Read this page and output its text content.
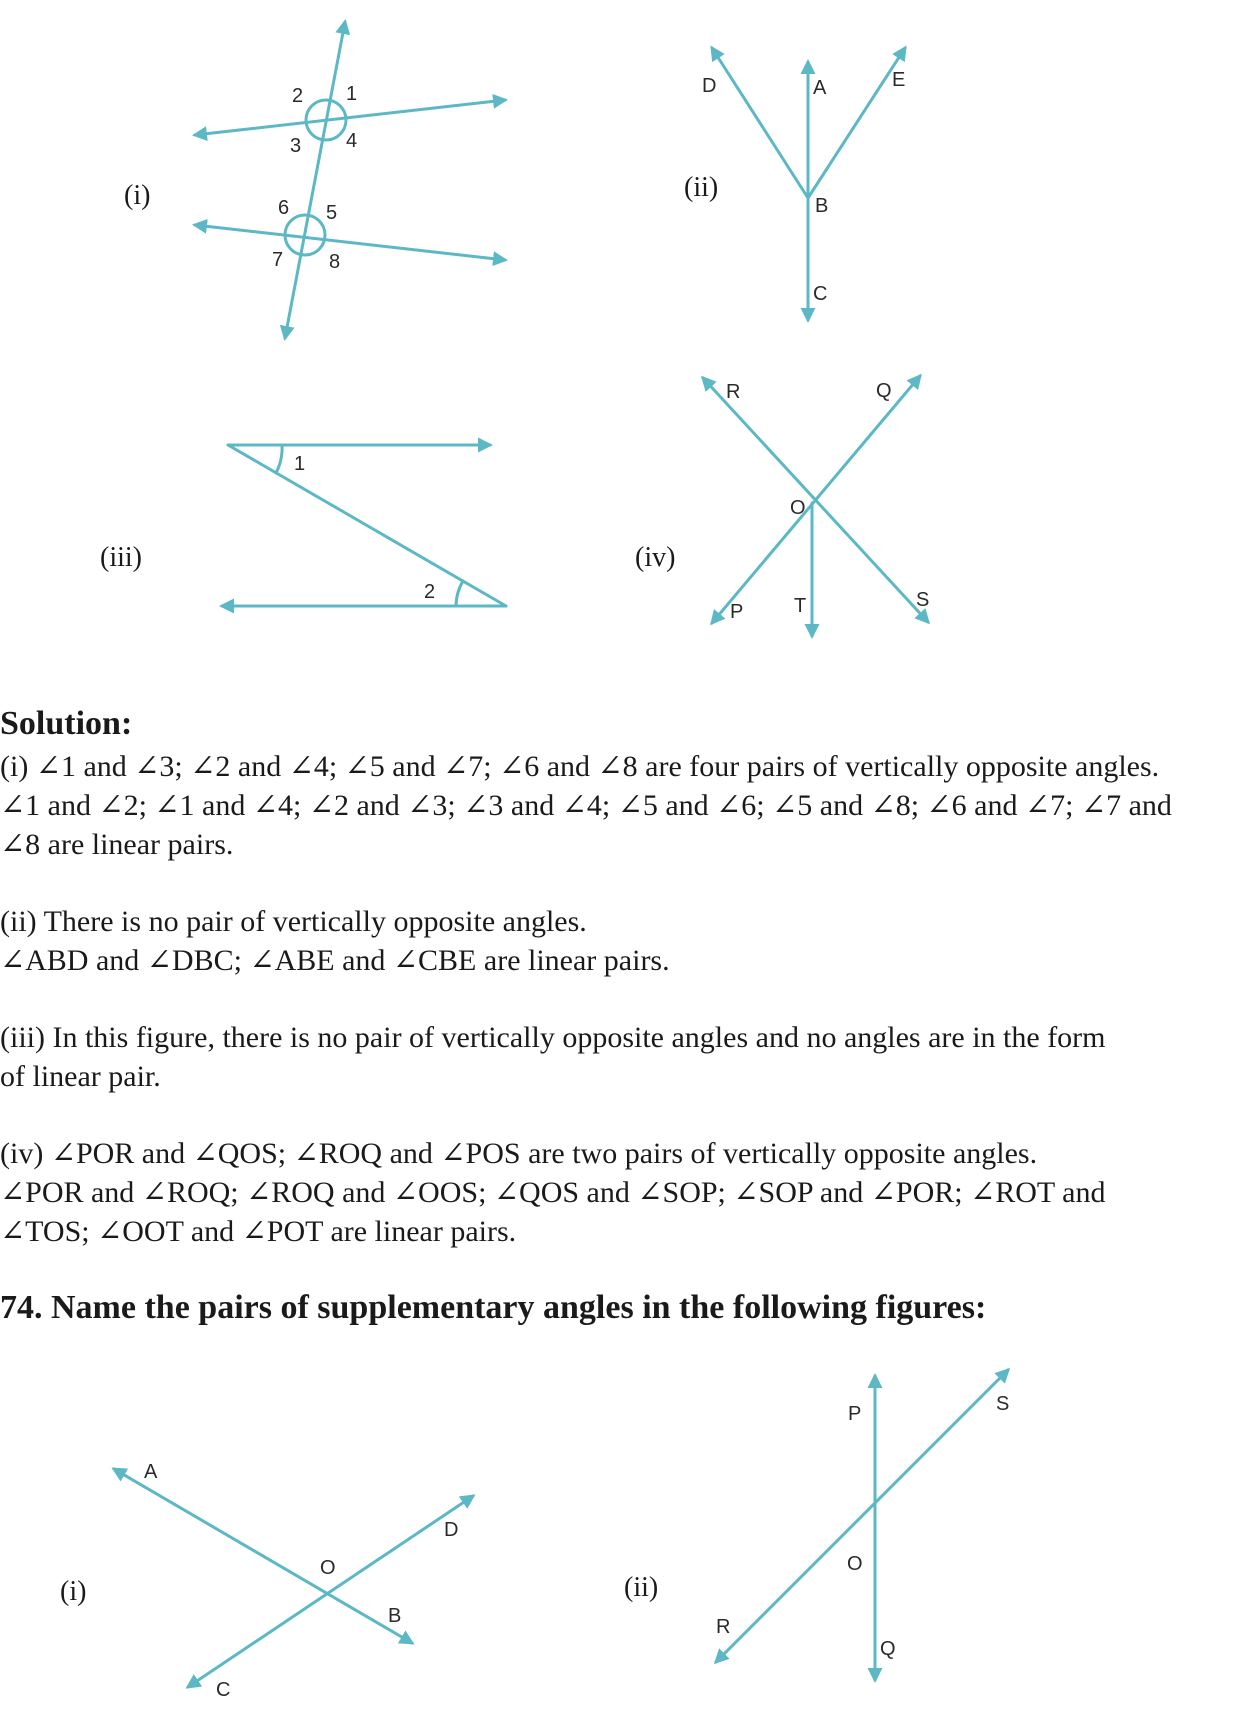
2 1
3 4
6 5
7 8
(i)
D	A	E
B
C
(ii)
1
2
(iii)
R	Q
O
P	T	S
(iv)
A
D
O
B
C
(i)
P	S
O
R
Q
(ii)

Solution:

(i) ∠1 and ∠3; ∠2 and ∠4; ∠5 and ∠7; ∠6 and ∠8 are four pairs of vertically opposite angles.

∠1 and ∠2; ∠1 and ∠4; ∠2 and ∠3; ∠3 and ∠4; ∠5 and ∠6; ∠5 and ∠8; ∠6 and ∠7; ∠7 and

∠8 are linear pairs.

(ii) There is no pair of vertically opposite angles.

∠ABD and ∠DBC; ∠ABE and ∠CBE are linear pairs.

(iii) In this figure, there is no pair of vertically opposite angles and no angles are in the form

of linear pair.

(iv) ∠POR and ∠QOS; ∠ROQ and ∠POS are two pairs of vertically opposite angles.

∠POR and ∠ROQ; ∠ROQ and ∠OOS; ∠QOS and ∠SOP; ∠SOP and ∠POR; ∠ROT and

∠TOS; ∠OOT and ∠POT are linear pairs.

74. Name the pairs of supplementary angles in the following figures:
